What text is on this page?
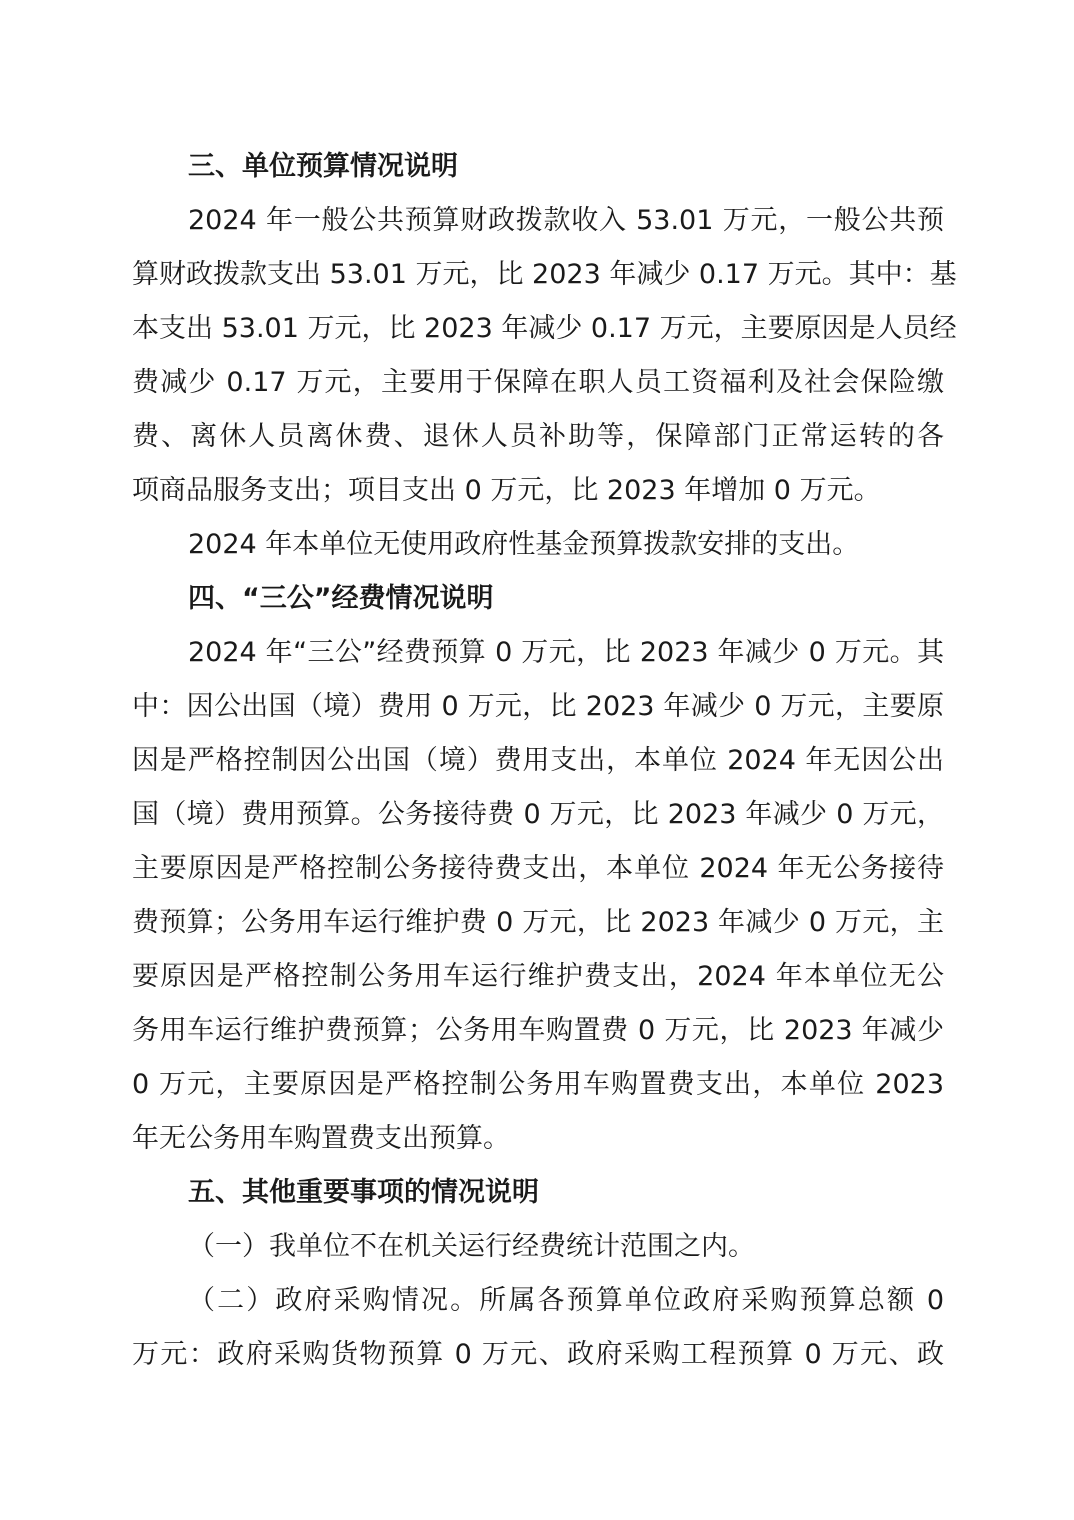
三、单位预算情况说明
2024 年一般公共预算财政拨款收入 53.01 万元，一般公共预
算财政拨款支出 53.01 万元，比 2023 年减少 0.17 万元。其中：基
本支出 53.01 万元，比 2023 年减少 0.17 万元，主要原因是人员经
费减少 0.17 万元，主要用于保障在职人员工资福利及社会保险缴
费、离休人员离休费、退休人员补助等，保障部门正常运转的各
项商品服务支出；项目支出 0 万元，比 2023 年增加 0 万元。
2024 年本单位无使用政府性基金预算拨款安排的支出。
四、“三公”经费情况说明
2024 年“三公”经费预算 0 万元，比 2023 年减少 0 万元。其
中：因公出国（境）费用 0 万元，比 2023 年减少 0 万元，主要原
因是严格控制因公出国（境）费用支出，本单位 2024 年无因公出
国（境）费用预算。公务接待费 0 万元，比 2023 年减少 0 万元，
主要原因是严格控制公务接待费支出，本单位 2024 年无公务接待
费预算；公务用车运行维护费 0 万元，比 2023 年减少 0 万元，主
要原因是严格控制公务用车运行维护费支出，2024 年本单位无公
务用车运行维护费预算；公务用车购置费 0 万元，比 2023 年减少
0 万元，主要原因是严格控制公务用车购置费支出，本单位 2023
年无公务用车购置费支出预算。
五、其他重要事项的情况说明
（一）我单位不在机关运行经费统计范围之内。
（二）政府采购情况。所属各预算单位政府采购预算总额 0
万元：政府采购货物预算 0 万元、政府采购工程预算 0 万元、政
